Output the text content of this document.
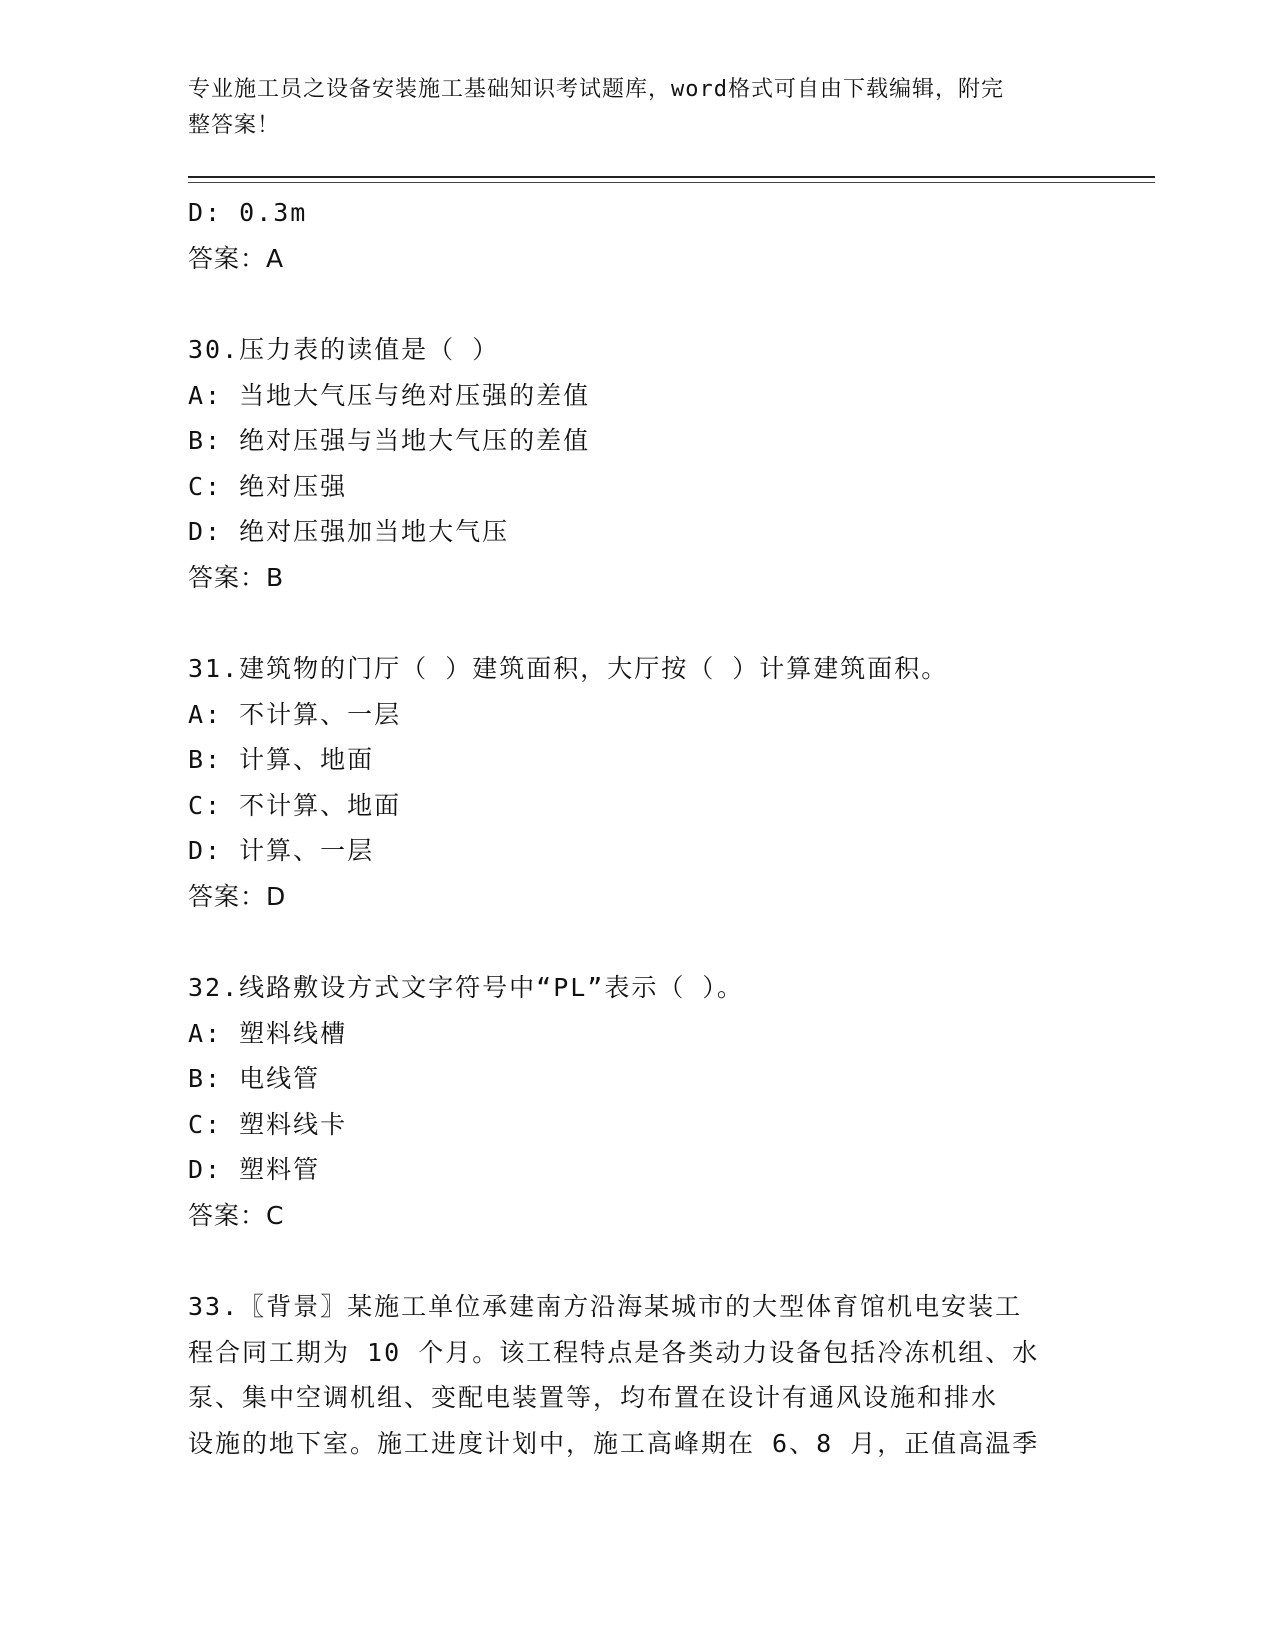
专业施工员之设备安装施工基础知识考试题库，word格式可自由下载编辑，附完
整答案！
D: 0.3m
答案：A
30.压力表的读值是（ ）
A: 当地大气压与绝对压强的差值
B: 绝对压强与当地大气压的差值
C: 绝对压强
D: 绝对压强加当地大气压
答案：B
31.建筑物的门厅（ ）建筑面积，大厅按（ ）计算建筑面积。
A: 不计算、一层
B: 计算、地面
C: 不计算、地面
D: 计算、一层
答案：D
32.线路敷设方式文字符号中“PL”表示（ ）。
A: 塑料线槽
B: 电线管
C: 塑料线卡
D: 塑料管
答案：C
33.〖背景〗某施工单位承建南方沿海某城市的大型体育馆机电安装工
程合同工期为 10 个月。该工程特点是各类动力设备包括冷冻机组、水
泵、集中空调机组、变配电装置等，均布置在设计有通风设施和排水
设施的地下室。施工进度计划中，施工高峰期在 6、8 月，正值高温季
